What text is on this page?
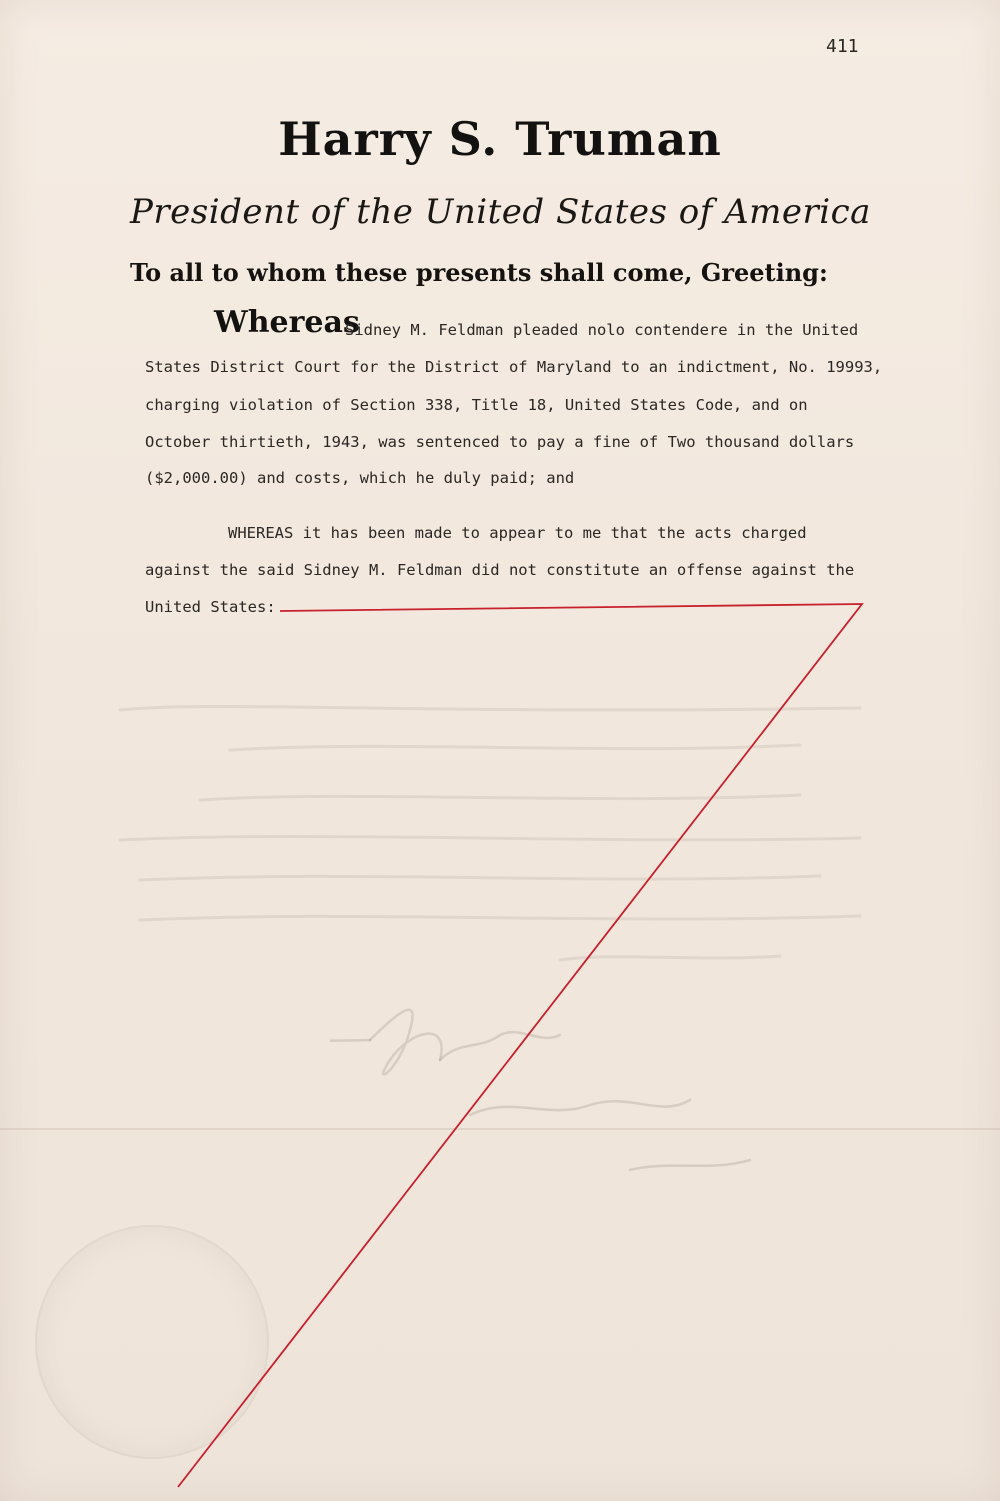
411
Harry S. Truman
President of the United States of America
To all to whom these presents shall come, Greeting:
Whereas
Sidney M. Feldman pleaded nolo contendere in the United
States District Court for the District of Maryland to an indictment, No. 19993,
charging violation of Section 338, Title 18, United States Code, and on
October thirtieth, 1943, was sentenced to pay a fine of Two thousand dollars
($2,000.00) and costs, which he duly paid; and
WHEREAS it has been made to appear to me that the acts charged
against the said Sidney M. Feldman did not constitute an offense against the
United States:
